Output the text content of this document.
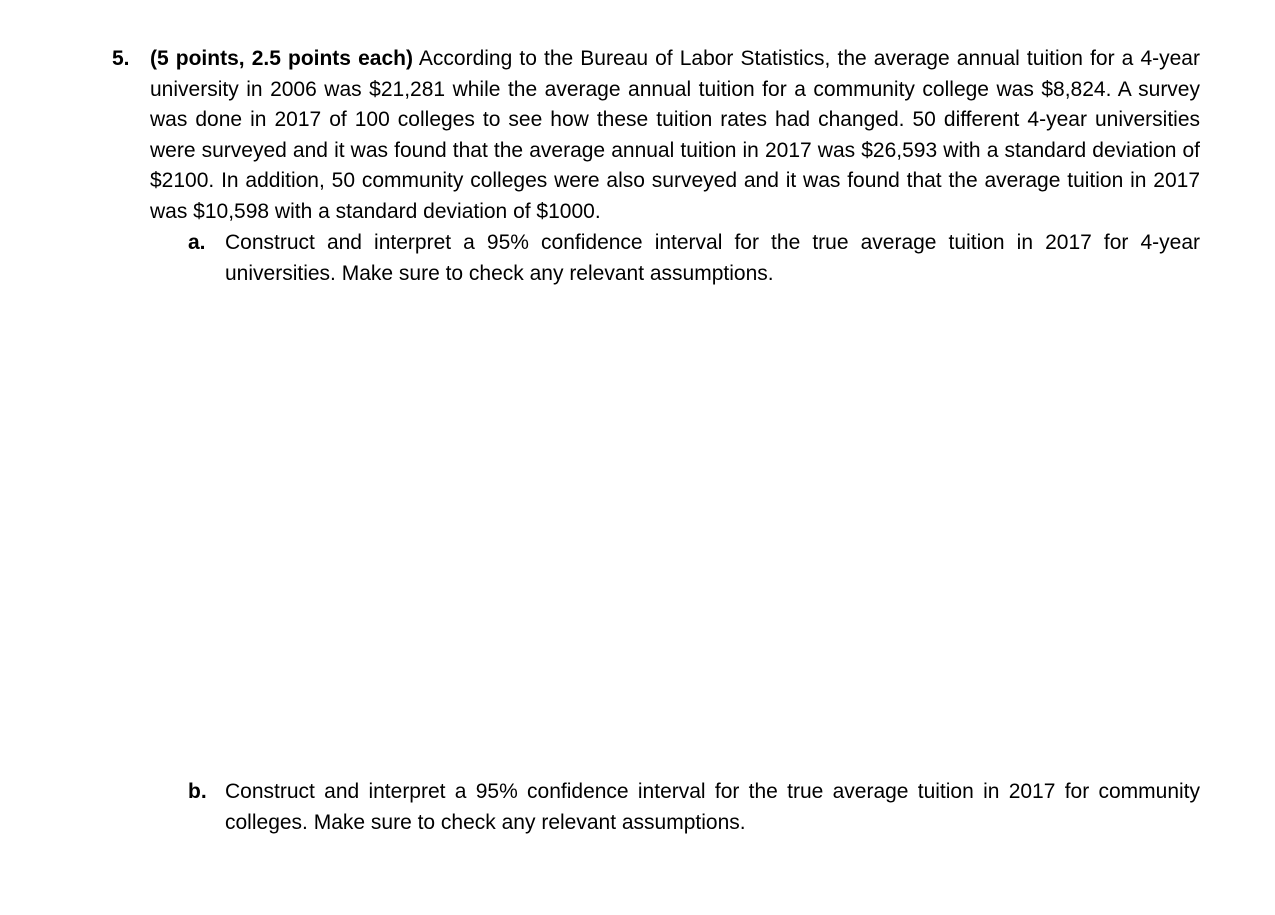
5. (5 points, 2.5 points each) According to the Bureau of Labor Statistics, the average annual tuition for a 4-year university in 2006 was $21,281 while the average annual tuition for a community college was $8,824. A survey was done in 2017 of 100 colleges to see how these tuition rates had changed. 50 different 4-year universities were surveyed and it was found that the average annual tuition in 2017 was $26,593 with a standard deviation of $2100. In addition, 50 community colleges were also surveyed and it was found that the average tuition in 2017 was $10,598 with a standard deviation of $1000.
a. Construct and interpret a 95% confidence interval for the true average tuition in 2017 for 4-year universities. Make sure to check any relevant assumptions.
b. Construct and interpret a 95% confidence interval for the true average tuition in 2017 for community colleges. Make sure to check any relevant assumptions.
